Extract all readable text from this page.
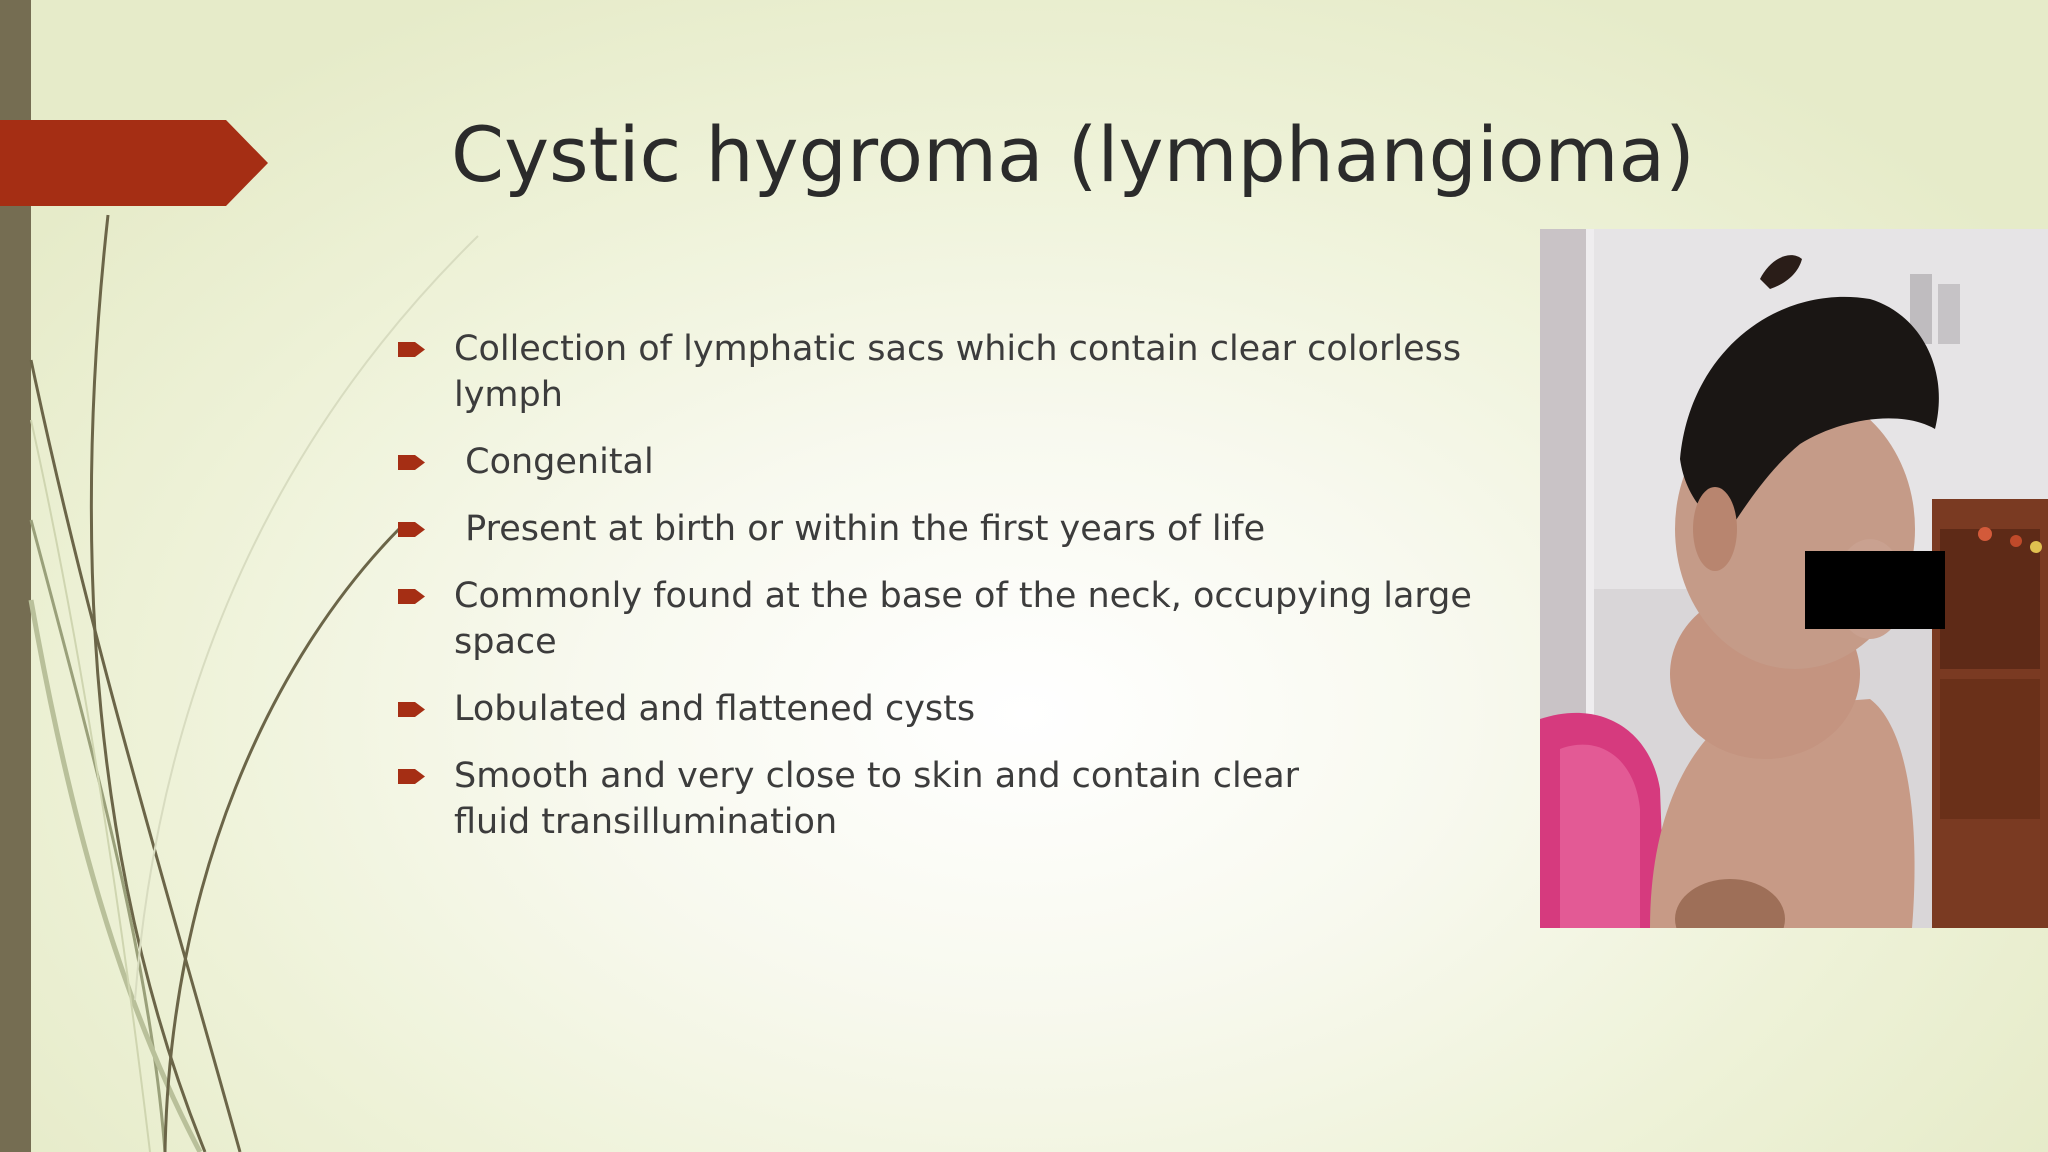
Cystic hygroma (lymphangioma)
Collection of lymphatic sacs which contain clear colorless lymph
Congenital
Present at birth or within the first years of life
Commonly found at the base of the neck, occupying large space
Lobulated and flattened cysts
Smooth and very close to skin and contain clear fluid transillumination
